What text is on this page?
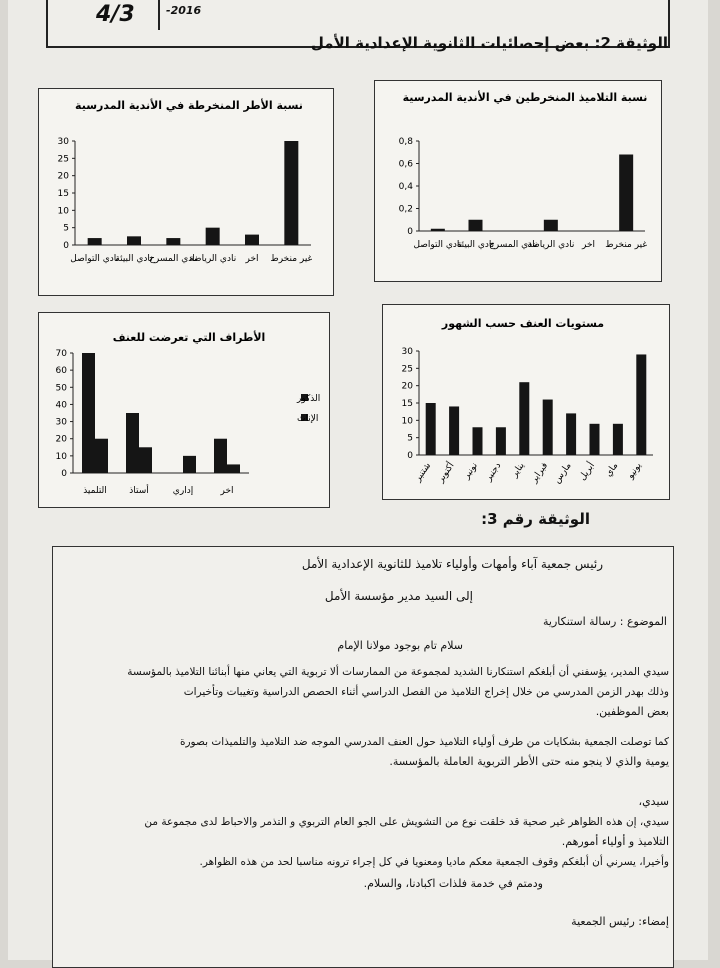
4/3	-2016
الوثيقة 2: بعض إحصائيات الثانوية الإعدادية الأمل
نسبة الأطر المنخرطة في الأندية المدرسية
0
5
10
15
20
25
30
نادي التواصل
نادي البيئة
نادي المسرح
نادي الرياضة اخر غير منخرط
نسبة التلاميذ المنخرطين في الأندية المدرسية
0
0,2
0,4
0,6
0,8
نادي التواصل
نادي البيئة
نادي المسرح
نادي الرياضة اخر غير منخرط
الأطراف التي تعرضت للعنف
0
10
20
30
40
50
60
70
التلميذ أستاذ	إداري	اخر
الذكور
الإناث
مستويات العنف حسب الشهور
0
5
10
15
20
25
30
شتنبر أكتوبر نونبر دجنبر يناير فبراير مارس أبريل ماي يونيو
الوثيقة رقم 3:
رئيس جمعية آباء وأمهات وأولياء تلاميذ للثانوية الإعدادية الأمل
إلى السيد مدير مؤسسة الأمل
الموضوع : رسالة استنكارية
سلام تام بوجود مولانا الإمام
سيدي المدير، يؤسفني أن أبلغكم استنكارنا الشديد لمجموعة من الممارسات ألا تربوية التي يعاني منها أبنائنا التلاميذ بالمؤسسة
وذلك بهدر الزمن المدرسي من خلال إخراج التلاميذ من الفصل الدراسي أثناء الحصص الدراسية وتغيبات وتأخيرات
بعض الموظفين.
كما توصلت الجمعية بشكايات من طرف أولياء التلاميذ حول العنف المدرسي الموجه ضد التلاميذ والتلميذات بصورة
يومية والذي لا ينجو منه حتى الأطر التربوية العاملة بالمؤسسة.
سيدي،
سيدي، إن هذه الظواهر غير صحية قد خلقت نوع من التشويش على الجو العام التربوي و التذمر والاحباط لدى مجموعة من
التلاميذ و أولياء أمورهم.
وأخيرا، يسرني أن أبلغكم وقوف الجمعية معكم ماديا ومعنويا في كل إجراء ترونه مناسبا لحد من هذه الظواهر.
ودمتم في خدمة فلذات اكبادنا، والسلام.
إمضاء: رئيس الجمعية
